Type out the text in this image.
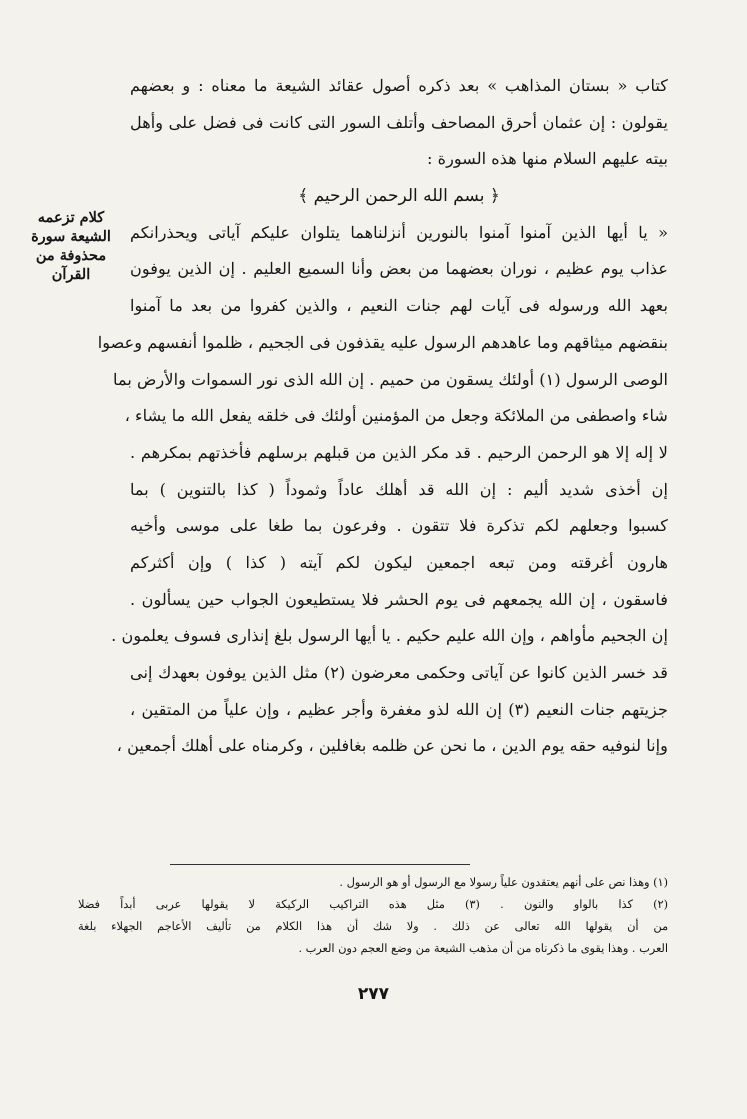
كلام تزعمه
الشيعة سورة
محذوفة من
القرآن
كتاب « بستان المذاهب » بعد ذكره أصول عقائد الشيعة ما معناه : و بعضهم
يقولون : إن عثمان أحرق المصاحف وأتلف السور التى كانت فى فضل على وأهل
بيته عليهم السلام منها هذه السورة :
﴿ بسم الله الرحمن الرحيم ﴾
« يا أيها الذين آمنوا آمنوا بالنورين أنزلناهما يتلوان عليكم آياتى ويحذرانكم
عذاب يوم عظيم ، نوران بعضهما من بعض وأنا السميع العليم . إن الذين يوفون
بعهد الله ورسوله فى آيات لهم جنات النعيم ، والذين كفروا من بعد ما آمنوا
بنقضهم ميثاقهم وما عاهدهم الرسول عليه يقذفون فى الجحيم ، ظلموا أنفسهم وعصوا
الوصى الرسول (١) أولئك يسقون من حميم . إن الله الذى نور السموات والأرض بما
شاء واصطفى من الملائكة وجعل من المؤمنين أولئك فى خلقه يفعل الله ما يشاء ،
لا إله إلا هو الرحمن الرحيم . قد مكر الذين من قبلهم برسلهم فأخذتهم بمكرهم .
إن أخذى شديد أليم : إن الله قد أهلك عاداً وثموداً ( كذا بالتنوين ) بما
كسبوا وجعلهم لكم تذكرة فلا تتقون . وفرعون بما طغا على موسى وأخيه
هارون أغرقته ومن تبعه اجمعين ليكون لكم آيته ( كذا ) وإن أكثركم
فاسقون ، إن الله يجمعهم فى يوم الحشر فلا يستطيعون الجواب حين يسألون .
إن الجحيم مأواهم ، وإن الله عليم حكيم . يا أيها الرسول بلغ إنذارى فسوف يعلمون .
قد خسر الذين كانوا عن آياتى وحكمى معرضون (٢) مثل الذين يوفون بعهدك إنى
جزيتهم جنات النعيم (٣) إن الله لذو مغفرة وأجر عظيم ، وإن علياً من المتقين ،
وإنا لنوفيه حقه يوم الدين ، ما نحن عن ظلمه بغافلين ، وكرمناه على أهلك أجمعين ،
(١) وهذا نص على أنهم يعتقدون علياً رسولا مع الرسول أو هو الرسول .
(٢) كذا بالواو والنون . (٣) مثل هذه التراكيب الركيكة لا يقولها عربى أبداً فضلا
من أن يقولها الله تعالى عن ذلك . ولا شك أن هذا الكلام من تأليف الأعاجم الجهلاء بلغة
العرب . وهذا يقوى ما ذكرناه من أن مذهب الشيعة من وضع العجم دون العرب .
٢٧٧
